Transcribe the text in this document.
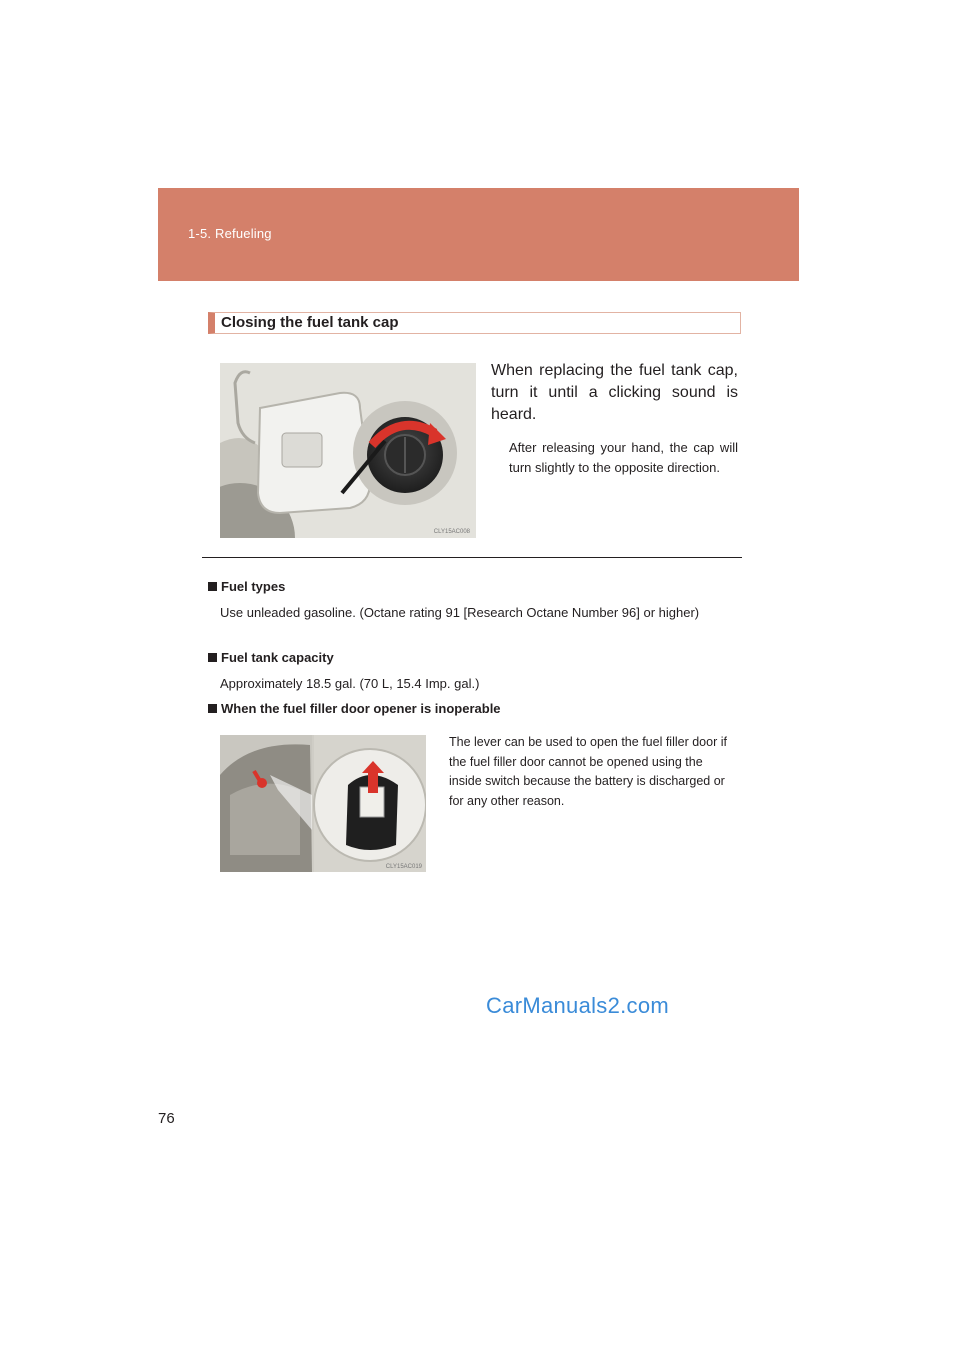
1-5. Refueling
Closing the fuel tank cap
CLY15AC008
When replacing the fuel tank cap, turn it until a clicking sound is heard.
After releasing your hand, the cap will turn slightly to the opposite direction.
Fuel types
Use unleaded gasoline. (Octane rating 91 [Research Octane Number 96] or higher)
Fuel tank capacity
Approximately 18.5 gal. (70 L, 15.4 Imp. gal.)
When the fuel filler door opener is inoperable
CLY15AC019
The lever can be used to open the fuel filler door if the fuel filler door cannot be opened using the inside switch because the battery is discharged or for any other reason.
CarManuals2.com
76
